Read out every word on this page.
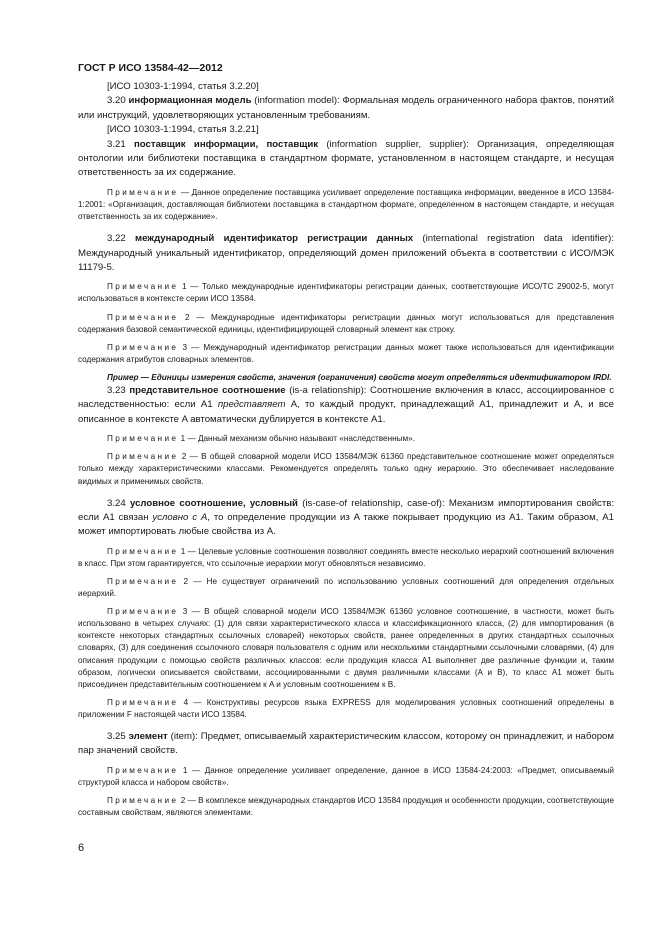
ГОСТ Р ИСО 13584-42—2012

[ИСО 10303-1:1994, статья 3.2.20]

3.20 информационная модель (information model): Формальная модель ограниченного набора фактов, понятий или инструкций, удовлетворяющих установленным требованиям.

[ИСО 10303-1:1994, статья 3.2.21]

3.21 поставщик информации, поставщик (information supplier, supplier): Организация, определяющая онтологии или библиотеки поставщика в стандартном формате, установленном в настоящем стандарте, и несущая ответственность за их содержание.

Примечание — Данное определение поставщика усиливает определение поставщика информации, введенное в ИСО 13584-1:2001: «Организация, доставляющая библиотеки поставщика в стандартном формате, определенном в настоящем стандарте, и несущая ответственность за их содержание».

3.22 международный идентификатор регистрации данных (international registration data identifier): Международный уникальный идентификатор, определяющий домен приложений объекта в соответствии с ИСО/МЭК 11179-5.

Примечание 1 — Только международные идентификаторы регистрации данных, соответствующие ИСО/ТС 29002-5, могут использоваться в контексте серии ИСО 13584.

Примечание 2 — Международные идентификаторы регистрации данных могут использоваться для представления содержания базовой семантической единицы, идентифицирующей словарный элемент как строку.

Примечание 3 — Международный идентификатор регистрации данных может также использоваться для идентификации содержания атрибутов словарных элементов.

Пример — Единицы измерения свойств, значения (ограничения) свойств могут определяться идентификатором IRDI.

3.23 представительное соотношение (is-a relationship): Соотношение включения в класс, ассоциированное с наследственностью: если A1 представляет A, то каждый продукт, принадлежащий A1, принадлежит и A, и все описанное в контексте A автоматически дублируется в контексте A1.

Примечание 1 — Данный механизм обычно называют «наследственным».

Примечание 2 — В общей словарной модели ИСО 13584/МЭК 61360 представительное соотношение может определяться только между характеристическими классами. Рекомендуется определять только одну иерархию. Это обеспечивает наследование видимых и применимых свойств.

3.24 условное соотношение, условный (is-case-of relationship, case-of): Механизм импортирования свойств: если A1 связан условно с A, то определение продукции из A также покрывает продукцию из A1. Таким образом, A1 может импортировать любые свойства из A.

Примечание 1 — Целевые условные соотношения позволяют соединять вместе несколько иерархий соотношений включения в класс. При этом гарантируется, что ссылочные иерархии могут обновляться независимо.

Примечание 2 — Не существует ограничений по использованию условных соотношений для определения отдельных иерархий.

Примечание 3 — В общей словарной модели ИСО 13584/МЭК 61360 условное соотношение, в частности, может быть использовано в четырех случаях: (1) для связи характеристического класса и классификационного класса, (2) для импортирования (в контексте некоторых стандартных ссылочных словарей) некоторых свойств, ранее определенных в других стандартных ссылочных словарях, (3) для соединения ссылочного словаря пользователя с одним или несколькими стандартными ссылочными словарями, (4) для описания продукции с помощью свойств различных классов: если продукция класса A1 выполняет две различные функции и, таким образом, логически описывается свойствами, ассоциированными с двумя различными классами (A и B), то класс A1 может быть присоединен представительным соотношением к A и условным соотношением к B.

Примечание 4 — Конструктивы ресурсов языка EXPRESS для моделирования условных соотношений определены в приложении F настоящей части ИСО 13584.

3.25 элемент (item): Предмет, описываемый характеристическим классом, которому он принадлежит, и набором пар значений свойств.

Примечание 1 — Данное определение усиливает определение, данное в ИСО 13584-24:2003: «Предмет, описываемый структурой класса и набором свойств».

Примечание 2 — В комплексе международных стандартов ИСО 13584 продукция и особенности продукции, соответствующие составным свойствам, являются элементами.

6
